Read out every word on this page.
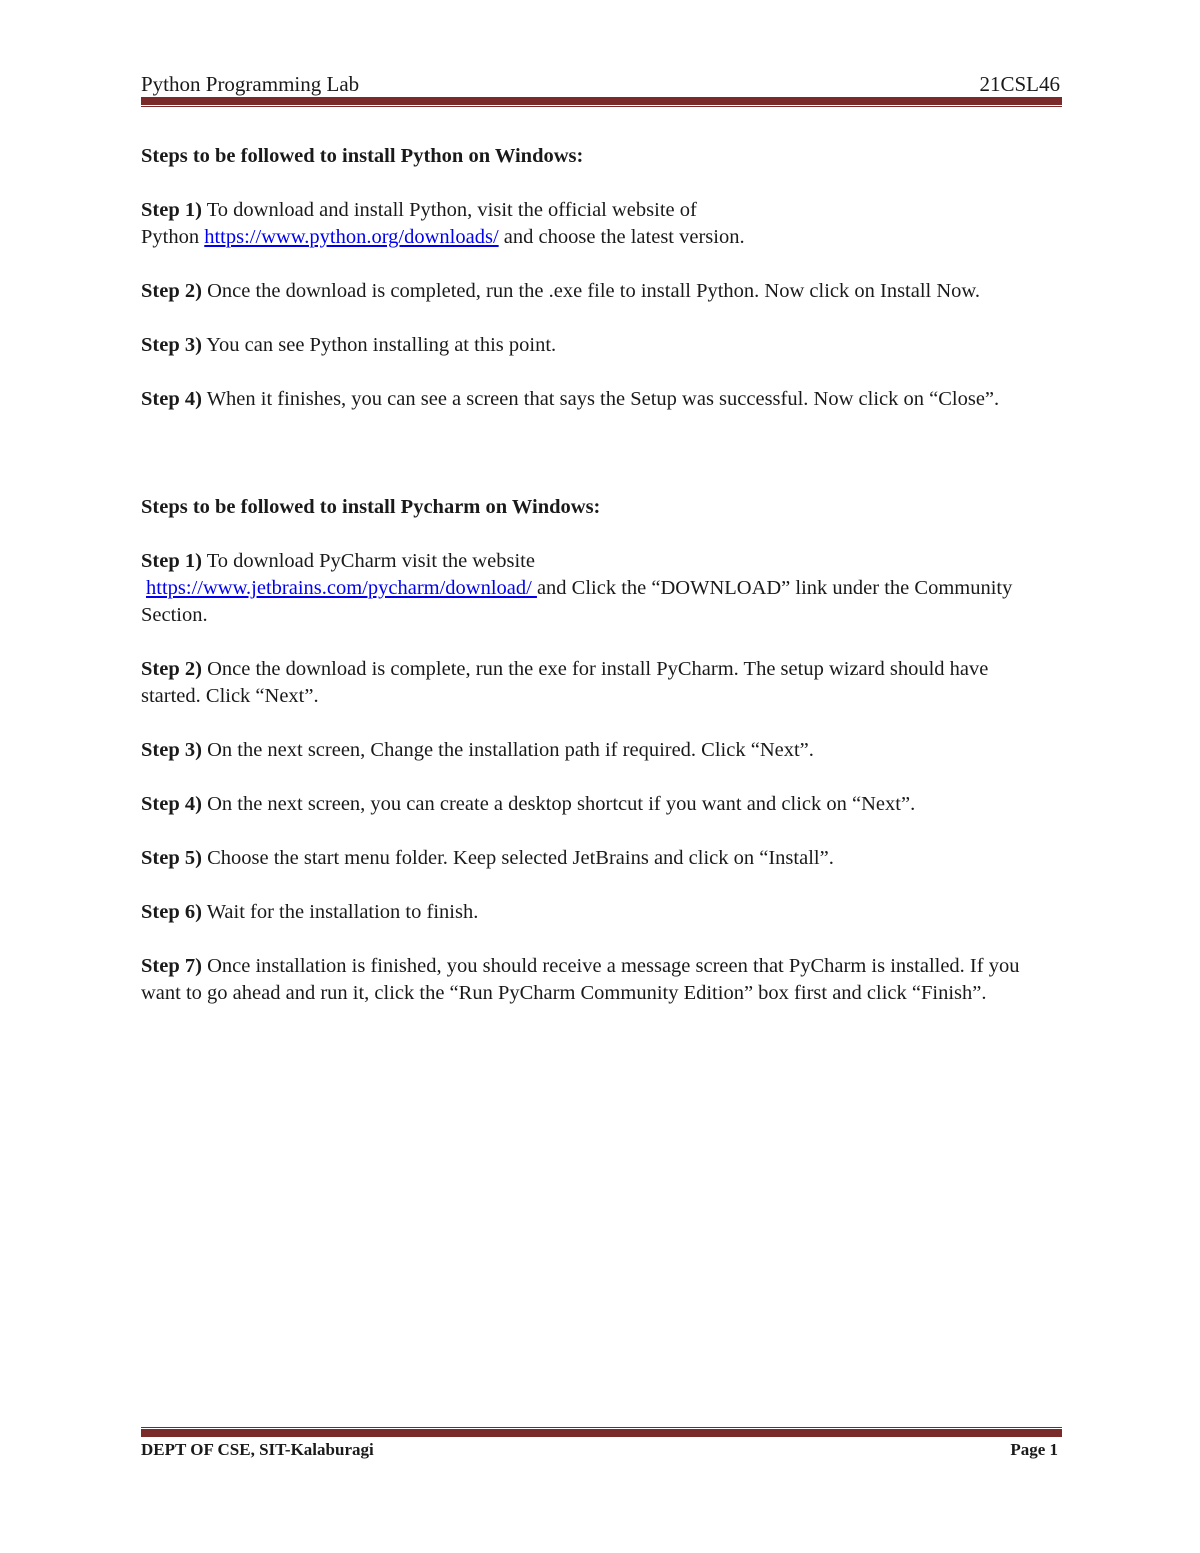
Python Programming Lab	21CSL46

Steps to be followed to install Python on Windows:

Step 1) To download and install Python, visit the official website of
Python https://www.python.org/downloads/ and choose the latest version.

Step 2) Once the download is completed, run the .exe file to install Python. Now click on Install Now.

Step 3) You can see Python installing at this point.

Step 4) When it finishes, you can see a screen that says the Setup was successful. Now click on “Close”.

Steps to be followed to install Pycharm on Windows:

Step 1) To download PyCharm visit the website
https://www.jetbrains.com/pycharm/download/ and Click the “DOWNLOAD” link under the Community Section.

Step 2) Once the download is complete, run the exe for install PyCharm. The setup wizard should have started. Click “Next”.

Step 3) On the next screen, Change the installation path if required. Click “Next”.

Step 4) On the next screen, you can create a desktop shortcut if you want and click on “Next”.

Step 5) Choose the start menu folder. Keep selected JetBrains and click on “Install”.

Step 6) Wait for the installation to finish.

Step 7) Once installation is finished, you should receive a message screen that PyCharm is installed. If you want to go ahead and run it, click the “Run PyCharm Community Edition” box first and click “Finish”.

DEPT OF CSE, SIT-Kalaburagi	Page 1
